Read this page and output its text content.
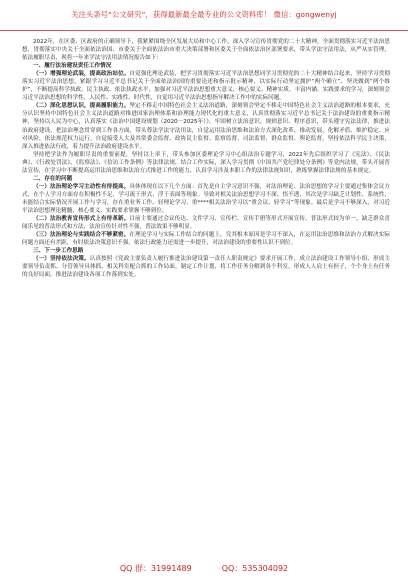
关注头条号“公文研究”，获得最新最全最专业的公文资料库！ 微信：gongwenyj

2022年，在区委、区政府的正确领导下，我紧紧围绕全区发展大局和中心工作，深入学习宣传贯彻党的二十大精神，全面贯彻落实习近平法治思想，贯彻落实中央关于全面依法治国、市委关于全面依法治市重大决策部署和区委关于全面依法治区部署要求，带头学法守法用法，从严从实管理，依法履职尽责，现将一年来学法守法用法情况报告如下：

一、履行法治建设责任工作情况

（一）增强理论武装，提高政治站位。自觉强化理论武装，把学习贯彻落实习近平法治思想同学习贯彻党的二十大精神结合起来，坚持学习贯彻落实习近平法治思想，紧跟学习习近平总书记关于全面依法治国的重要论述和指示批示精神，以实际行动坚定拥护“两个确立”、坚决做到“两个维护”，不断提高科学执政、民主执政、依法执政水平，加强对习近平法治思想重大意义、核心要义、精神实质、丰富内涵、实践要求的学习，深刻领会习近平法治思想的科学性、人民性、实践性、时代性，自觉用习近平法治思想指导解决工作中的实际问题。

（二）深化思想认识，提高履职能力。坚定不移走中国特色社会主义法治道路，深刻领会坚定不移走中国特色社会主义法治道路的根本要求，充分认识坚持中国特色社会主义法治道路对推进国家治理体系和治理能力现代化的重大意义，认真贯彻落实习近平总书记关于法治建设的重要指示精神，坚持以人民为中心，认真落实《法治中国建设规划（2020－2025年）》，牢固树立法治意识、规则意识、程序意识，带头遵守宪法法律，推进法治政府建设，把法治理念贯穿到工作各方面，带头尊法学法守法用法，自觉运用法治思维和法治方式深化改革、推动发展、化解矛盾、维护稳定、应对风险，依法规范权力运行，自觉接受人大及其常委会监督、政协民主监督、监察监督、司法监督、群众监督、舆论监督，坚持依法科学民主决策，深入推进依法行政，着力提升法治政府建设水平。

坚持把学法作为履职尽责的重要前提，坚持以上率下，带头参加区委理论学习中心组法治专题学习，2022年先后组织学习了《宪法》、《民法典》、《行政处罚法》、《监察法》、《信访工作条例》等法律法规，结合工作实际，深入学习贯彻《中国共产党纪律处分条例》等党内法规，带头开展普法宣传，在学习中不断提高运用法治思维和法治方式推进工作的能力，认真学习涉及本职工作的法律法规知识，熟练掌握法律法规的基本规定。

二、存在的问题

（一）法治理论学习主动性有待提高。具体体现在以下几个方面：首先是自主学习意识不强，对法治理论、法治思想的学习主要通过集体会议方式，在个人学习方面存在积极性不足，学习流于形式、浮于表面等现象。导致对相关法治思想学习不深、悟不透，其次是学习缺乏计划性、系统性，未能结合实际情况开展工作与学习，存在重业务工作、轻理论学习、重****相关法治学习以“重会议、轻学习”等现象。最后是学习不够深入，对习近平法治思想理论精髓、核心要义、实践要求掌握不够到位。

（二）法治教育宣传形式上有待革新。目前主要通过会议传达、文件学习、宣传栏、宣传手册等形式开展宣传，普法形式较为单一，缺乏群众喜闻乐见的普法形式和方法，法治宣传针对性不强，普法效果不够明显。

（三）法治理论与实践结合不够紧密。在理论学习与实际工作结合的问题上，究其根本原因是学习不深入，在运用法治思维和法治方式解决实际问题方面还有差距，有时依法决策意识不强，依法行政能力还需进一步提升，对法治建设的重要性认识不到位。

三、下一步工作思路

（一）坚持依法决策。认真按照《党政主要负责人履行推进法治建设第一责任人职责规定》要求开展工作，成立法治建设工作领导小组，形成主要领导负责抓、分管领导具体抓、相关科室配合抓的工作局面。制定工作计划，将工作任务分解到各个科室，形成人人肩上有担子，个个身上有任务的良好局面，推进法治建设各项工作落到实处。

QQ 群：31991489	QQ：535304092
